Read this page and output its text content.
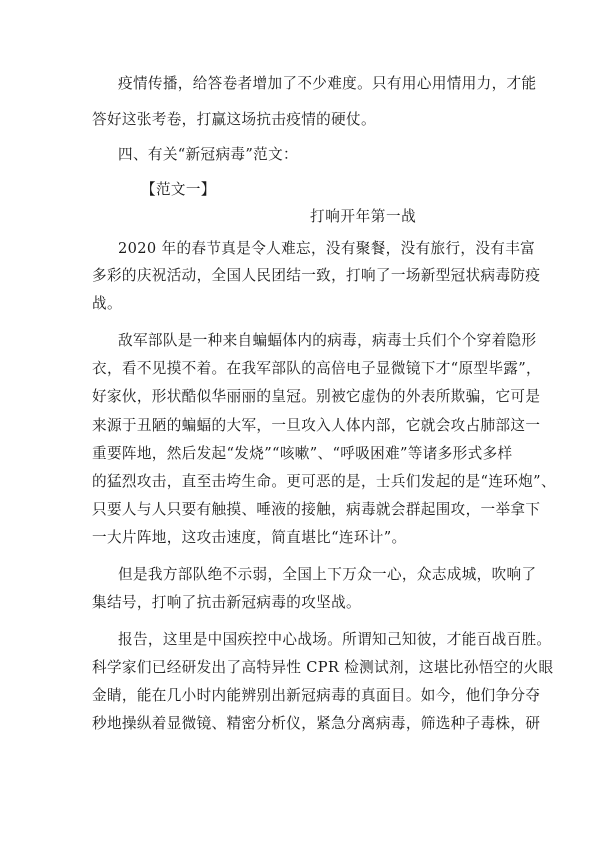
疫情传播，给答卷者增加了不少难度。只有用心用情用力，才能
答好这张考卷，打赢这场抗击疫情的硬仗。
四、有关“新冠病毒”范文：
【范文一】
打响开年第一战
2020 年的春节真是令人难忘，没有聚餐，没有旅行，没有丰富
多彩的庆祝活动，全国人民团结一致，打响了一场新型冠状病毒防疫
战。
敌军部队是一种来自蝙蝠体内的病毒，病毒士兵们个个穿着隐形
衣，看不见摸不着。在我军部队的高倍电子显微镜下才“原型毕露”，
好家伙，形状酷似华丽丽的皇冠。别被它虚伪的外表所欺骗，它可是
来源于丑陋的蝙蝠的大军，一旦攻入人体内部，它就会攻占肺部这一
重要阵地，然后发起“发烧”“咳嗽”、“呼吸困难”等诸多形式多样
的猛烈攻击，直至击垮生命。更可恶的是，士兵们发起的是“连环炮”、
只要人与人只要有触摸、唾液的接触，病毒就会群起围攻，一举拿下
一大片阵地，这攻击速度，简直堪比“连环计”。
但是我方部队绝不示弱，全国上下万众一心，众志成城，吹响了
集结号，打响了抗击新冠病毒的攻坚战。
报告，这里是中国疾控中心战场。所谓知己知彼，才能百战百胜。
科学家们已经研发出了高特异性 CPR 检测试剂，这堪比孙悟空的火眼
金睛，能在几小时内能辨别出新冠病毒的真面目。如今，他们争分夺
秒地操纵着显微镜、精密分析仪，紧急分离病毒，筛选种子毒株，研
